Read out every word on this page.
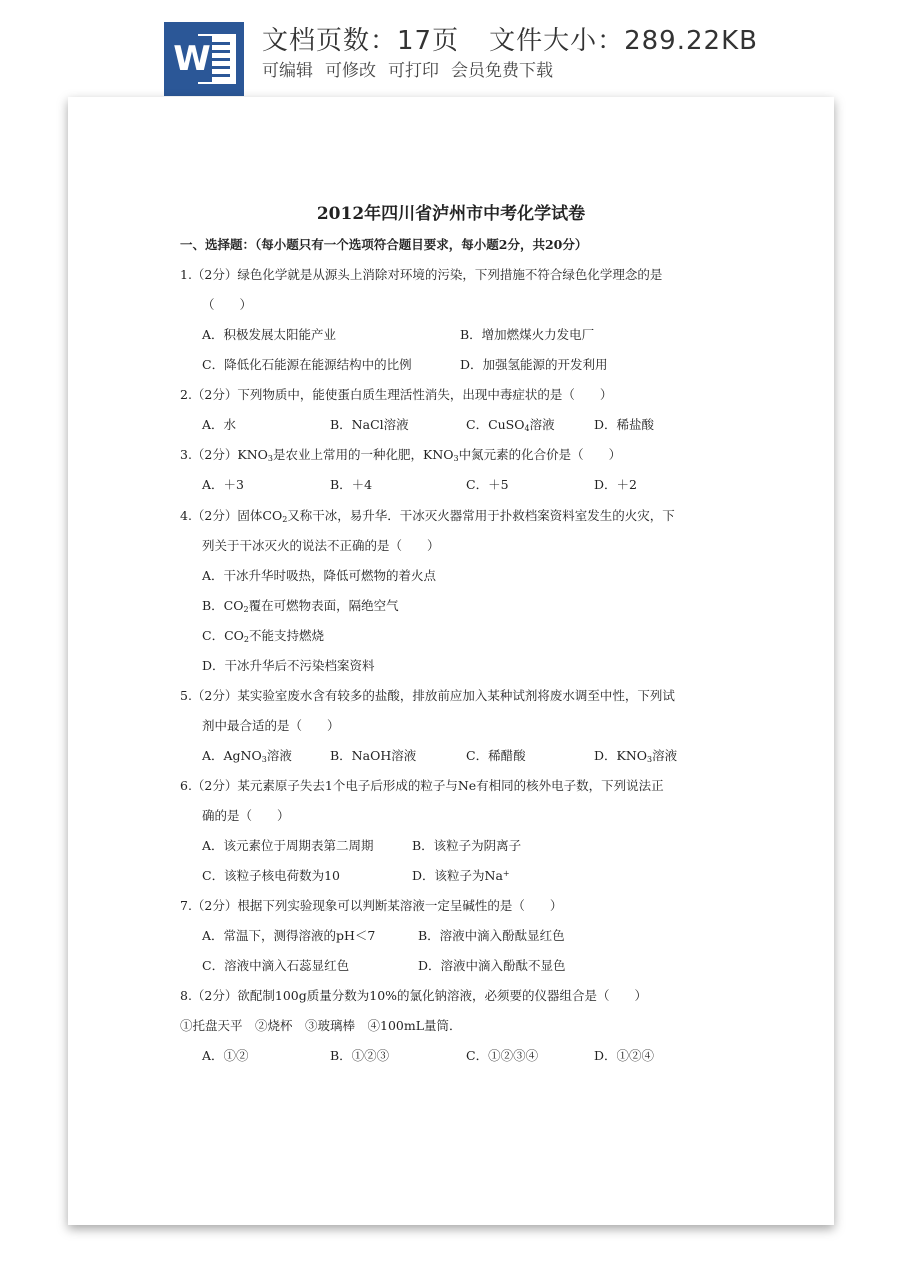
W 文档页数：17页 文件大小：289.22KB
可编辑 可修改 可打印 会员免费下载
2012年四川省泸州市中考化学试卷
一、选择题：（每小题只有一个选项符合题目要求，每小题2分，共20分）
1.（2分）绿色化学就是从源头上消除对环境的污染，下列措施不符合绿色化学理念的是
（　　）
A．积极发展太阳能产业	B．增加燃煤火力发电厂
C．降低化石能源在能源结构中的比例	D．加强氢能源的开发利用
2.（2分）下列物质中，能使蛋白质生理活性消失，出现中毒症状的是（　　）
A．水	B．NaCl溶液	C．CuSO$_4$溶液	D．稀盐酸
3.（2分）$KNO_3$是农业上常用的一种化肥，$KNO_3$中氮元素的化合价是（　　）
A．＋3	B．＋4	C．＋5	D．＋2
4.（2分）固体$CO_2$又称干冰，易升华．干冰灭火器常用于扑救档案资料室发生的火灾，下
列关于干冰灭火的说法不正确的是（　　）
A．干冰升华时吸热，降低可燃物的着火点
B．$CO_2$覆在可燃物表面，隔绝空气
C．$CO_2$不能支持燃烧
D．干冰升华后不污染档案资料
5.（2分）某实验室废水含有较多的盐酸，排放前应加入某种试剂将废水调至中性，下列试
剂中最合适的是（　　）
A．AgNO$_3$溶液	B．NaOH溶液	C．稀醋酸	D．$KNO_3$溶液
6.（2分）某元素原子失去1个电子后形成的粒子与Ne有相同的核外电子数，下列说法正
确的是（　　）
A．该元素位于周期表第二周期	B．该粒子为阴离子
C．该粒子核电荷数为10	D．该粒子为Na+
7.（2分）根据下列实验现象可以判断某溶液一定呈碱性的是（　　）
A．常温下，测得溶液的pH＜7	B．溶液中滴入酚酞显红色
C．溶液中滴入石蕊显红色	D．溶液中滴入酚酞不显色
8.（2分）欲配制100g质量分数为10%的氯化钠溶液，必须要的仪器组合是（　　）
①托盘天平　②烧杯　③玻璃棒　④100mL量筒．
A．①②	B．①②③	C．①②③④	D．①②④
